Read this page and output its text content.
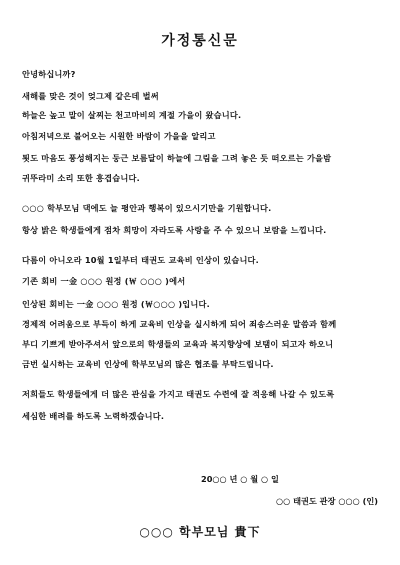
가정통신문
안녕하십니까?
새해를 맞은 것이 엊그제 같은데 벌써
하늘은 높고 말이 살찌는 천고마비의 계절 가을이 왔습니다.
아침저녁으로 불어오는 시원한 바람이 가을을 알리고
툇도 마음도 풍성해지는 둥근 보름달이 하늘에 그림을 그려 놓은 듯 떠오르는 가을밤
귀뚜라미 소리 또한 흥겹습니다.
○○○ 학부모님 댁에도 늘 평안과 행복이 있으시기만을 기원합니다.
항상 밝은 학생들에게 점차 희망이 자라도록 사랑을 주 수 있으니 보람을 느낍니다.
다름이 아니오라 10월 1일부터 태권도 교육비 인상이 있습니다.
기존 회비 一金 ○○○ 원정 (￦ ○○○ )에서
인상된 회비는 一金 ○○○ 원정 (￦○○○ )입니다.
경제적 어려움으로 부득이 하게 교육비 인상을 실시하게 되어 죄송스러운 말씀과 함께
부디 기쁘게 받아주셔서 앞으로의 학생들의 교육과 복지향상에 보탬이 되고자 하오니
금번 실시하는 교육비 인상에 학부모님의 많은 협조를 부탁드립니다.
저희들도 학생들에게 더 많은 관심을 가지고 태권도 수련에 잘 적응해 나갈 수 있도록
세심한 배려를 하도록 노력하겠습니다.
20○○ 년 ○ 월 ○ 일
○○ 태권도 관장 ○○○ (인)
○○○ 학부모님 貴下
